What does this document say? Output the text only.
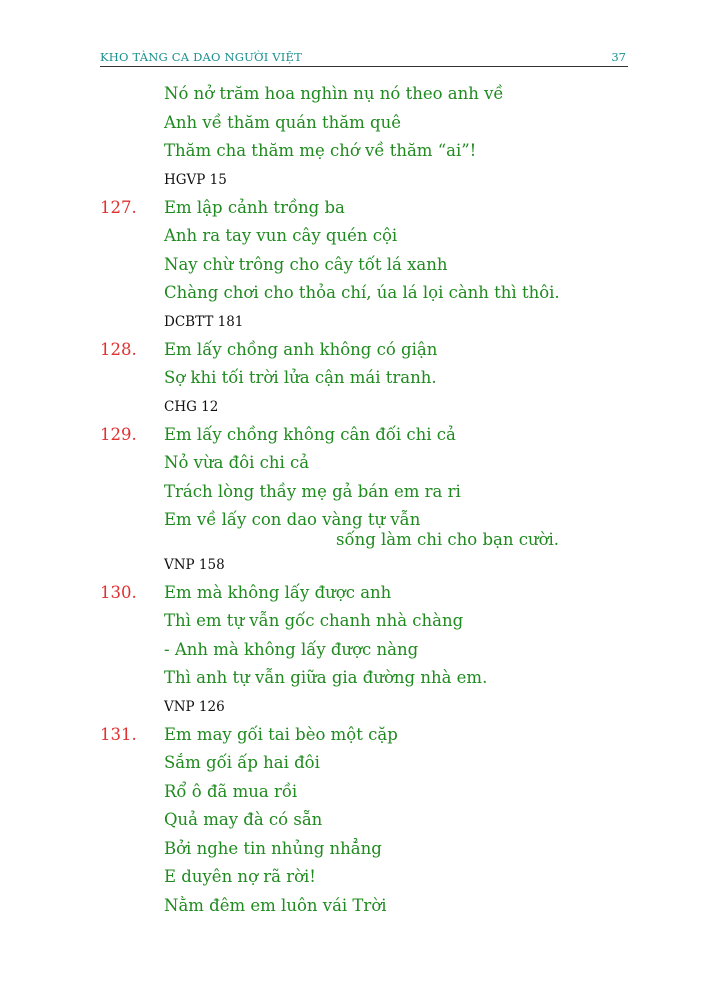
KHO TÀNG CA DAO NGƯỜI VIỆT	37
Nó nở trăm hoa nghìn nụ nó theo anh về
Anh về thăm quán thăm quê
Thăm cha thăm mẹ chớ về thăm “ai”!
HGVP 15
127. Em lập cảnh trồng ba
Anh ra tay vun cây quén cội
Nay chừ trông cho cây tốt lá xanh
Chàng chơi cho thỏa chí, úa lá lọi cành thì thôi.
DCBTT 181
128. Em lấy chồng anh không có giận
Sợ khi tối trời lửa cận mái tranh.
CHG 12
129. Em lấy chồng không cân đối chi cả
Nỏ vừa đôi chi cả
Trách lòng thầy mẹ gả bán em ra ri
Em về lấy con dao vàng tự vẫn
sống làm chi cho bạn cười.
VNP 158
130. Em mà không lấy được anh
Thì em tự vẫn gốc chanh nhà chàng
- Anh mà không lấy được nàng
Thì anh tự vẫn giữa gia đường nhà em.
VNP 126
131. Em may gối tai bèo một cặp
Sắm gối ấp hai đôi
Rổ ô đã mua rồi
Quả may đà có sẵn
Bởi nghe tin nhủng nhẳng
E duyên nợ rã rời!
Nằm đêm em luôn vái Trời
